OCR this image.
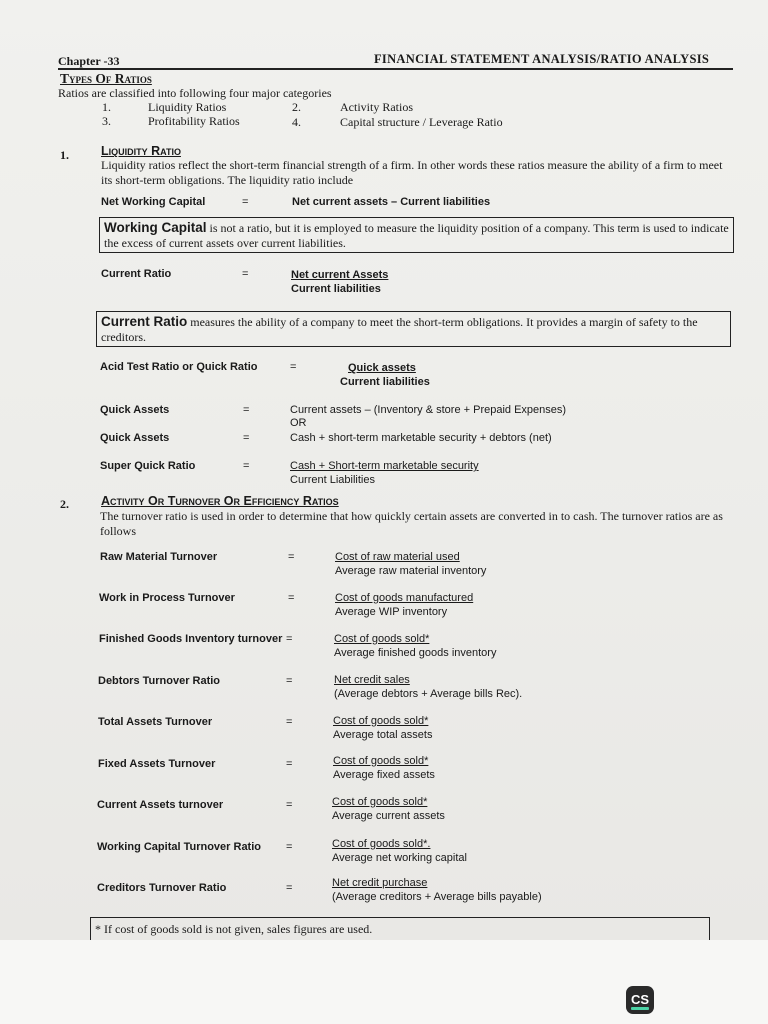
Chapter -33	FINANCIAL STATEMENT ANALYSIS/RATIO ANALYSIS
Types Of Ratios
Ratios are classified into following four major categories
1.	Liquidity Ratios	2.	Activity Ratios
3.	Profitability Ratios	4.	Capital structure / Leverage Ratio
1.	Liquidity Ratio
Liquidity ratios reflect the short-term financial strength of a firm. In other words these ratios measure the ability of a firm to meet its short-term obligations. The liquidity ratio include
Net Working Capital	=	Net current assets – Current liabilities
Working Capital is not a ratio, but it is employed to measure the liquidity position of a company. This term is used to indicate the excess of current assets over current liabilities.
Current Ratio	=	Net current Assets
Current liabilities
Current Ratio measures the ability of a company to meet the short-term obligations. It provides a margin of safety to the creditors.
Acid Test Ratio or Quick Ratio	=	Quick assets
Current liabilities
Quick Assets	=	Current assets – (Inventory & store + Prepaid Expenses)
OR
Quick Assets	=	Cash + short-term marketable security + debtors (net)
Super Quick Ratio	=	Cash + Short-term marketable security
Current Liabilities
2.	Activity Or Turnover Or Efficiency Ratios
The turnover ratio is used in order to determine that how quickly certain assets are converted in to cash. The turnover ratios are as follows
Raw Material Turnover	=	Cost of raw material used
Average raw material inventory
Work in Process Turnover	=	Cost of goods manufactured
Average WIP inventory
Finished Goods Inventory turnover =	Cost of goods sold*
Average finished goods inventory
Debtors Turnover Ratio	=	Net credit sales
(Average debtors + Average bills Rec).
Total Assets Turnover	=	Cost of goods sold*
Average total assets
Fixed Assets Turnover	=	Cost of goods sold*
Average fixed assets
Current Assets turnover	=	Cost of goods sold*
Average current assets
Working Capital Turnover Ratio =	Cost of goods sold*.
Average net working capital
Creditors Turnover Ratio	=	Net credit purchase
(Average creditors + Average bills payable)
* If cost of goods sold is not given, sales figures are used.
CS
